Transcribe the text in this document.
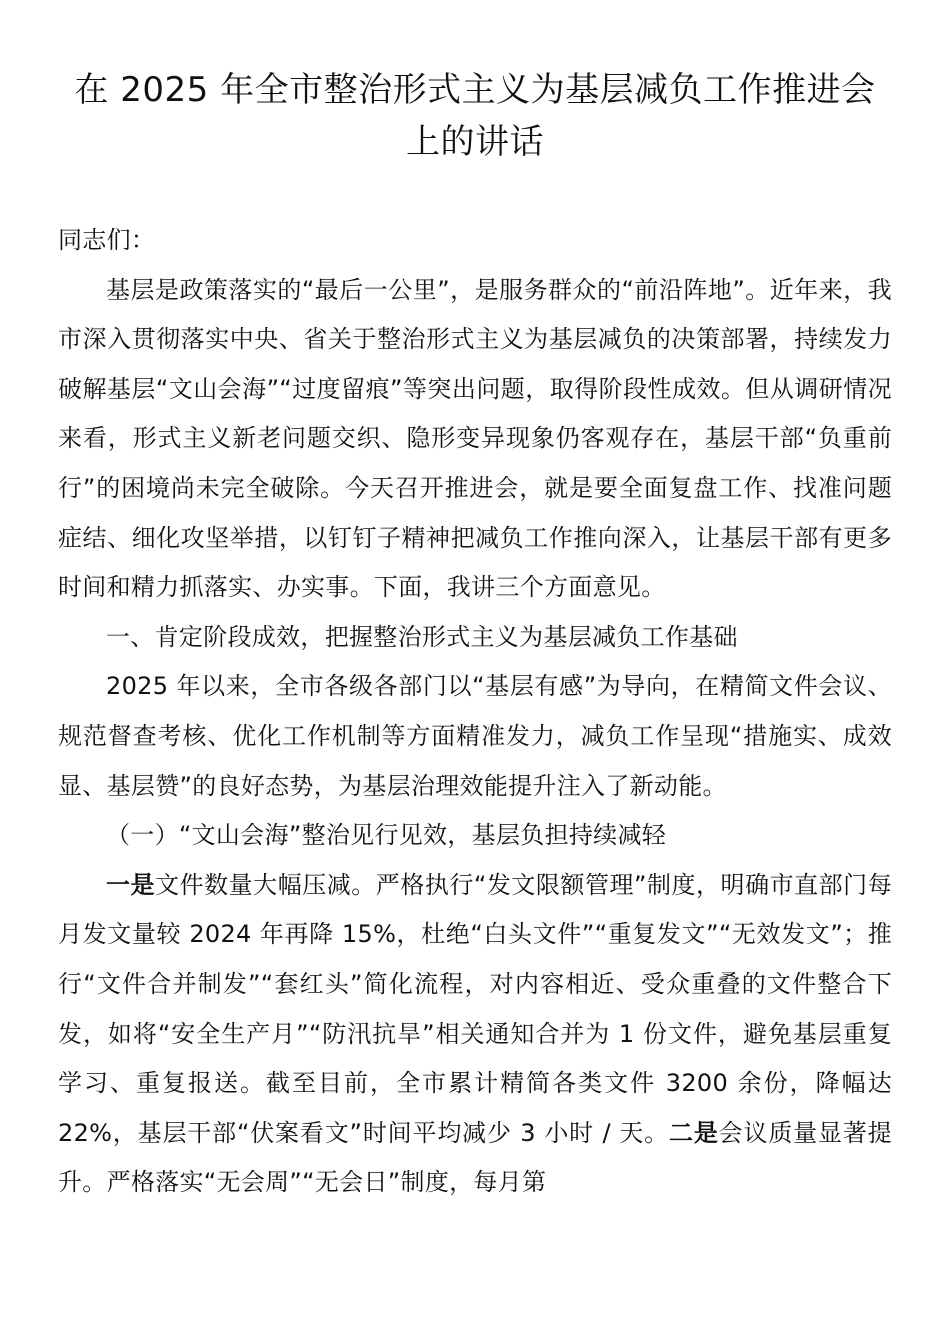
在 2025 年全市整治形式主义为基层减负工作推进会上的讲话

同志们：

基层是政策落实的“最后一公里”，是服务群众的“前沿阵地”。近年来，我市深入贯彻落实中央、省关于整治形式主义为基层减负的决策部署，持续发力破解基层“文山会海”“过度留痕”等突出问题，取得阶段性成效。但从调研情况来看，形式主义新老问题交织、隐形变异现象仍客观存在，基层干部“负重前行”的困境尚未完全破除。今天召开推进会，就是要全面复盘工作、找准问题症结、细化攻坚举措，以钉钉子精神把减负工作推向深入，让基层干部有更多时间和精力抓落实、办实事。下面，我讲三个方面意见。

一、肯定阶段成效，把握整治形式主义为基层减负工作基础

2025 年以来，全市各级各部门以“基层有感”为导向，在精简文件会议、规范督查考核、优化工作机制等方面精准发力，减负工作呈现“措施实、成效显、基层赞”的良好态势，为基层治理效能提升注入了新动能。

（一）“文山会海”整治见行见效，基层负担持续减轻

一是文件数量大幅压减。严格执行“发文限额管理”制度，明确市直部门每月发文量较 2024 年再降 15%，杜绝“白头文件”“重复发文”“无效发文”；推行“文件合并制发”“套红头”简化流程，对内容相近、受众重叠的文件整合下发，如将“安全生产月”“防汛抗旱”相关通知合并为 1 份文件，避免基层重复学习、重复报送。截至目前，全市累计精简各类文件 3200 余份，降幅达 22%，基层干部“伏案看文”时间平均减少 3 小时 / 天。二是会议质量显著提升。严格落实“无会周”“无会日”制度，每月第
